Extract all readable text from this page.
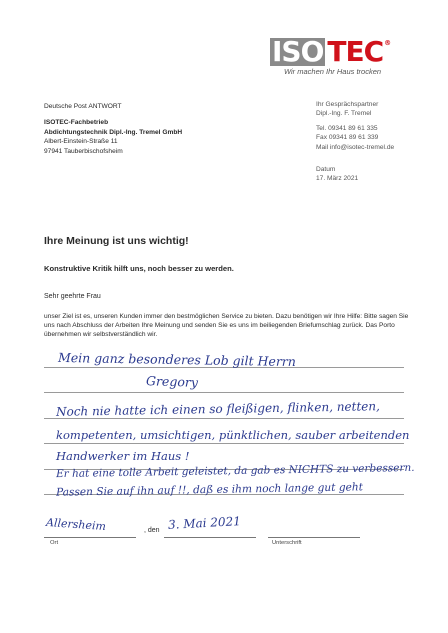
ISO TEC ®
Wir machen Ihr Haus trocken
Deutsche Post ANTWORT
ISOTEC-Fachbetrieb
Abdichtungstechnik Dipl.-Ing. Tremel GmbH
Albert-Einstein-Straße 11
97941 Tauberbischofsheim
Ihr Gesprächspartner
Dipl.-Ing. F. Tremel
Tel. 09341 89 61 335
Fax 09341 89 61 339
Mail info@isotec-tremel.de
Datum
17. März 2021
Ihre Meinung ist uns wichtig!
Konstruktive Kritik hilft uns, noch besser zu werden.
Sehr geehrte Frau
unser Ziel ist es, unseren Kunden immer den bestmöglichen Service zu bieten. Dazu benötigen wir Ihre Hilfe: Bitte sagen Sie uns nach Abschluss der Arbeiten Ihre Meinung und senden Sie es uns im beiliegenden Briefumschlag zurück. Das Porto übernehmen wir selbstverständlich wir.
Mein ganz besonderes Lob gilt Herrn
Gregory
Noch nie hatte ich einen so fleißigen, flinken, netten,
kompetenten, umsichtigen, pünktlichen, sauber arbeitenden
Handwerker im Haus !
Er hat eine tolle Arbeit geleistet, da gab es NICHTS zu verbessern.
Passen Sie auf ihn auf !!, daß es ihm noch lange gut geht
Allersheim	, den 3. Mai 2021
Ort	Unterschrift
